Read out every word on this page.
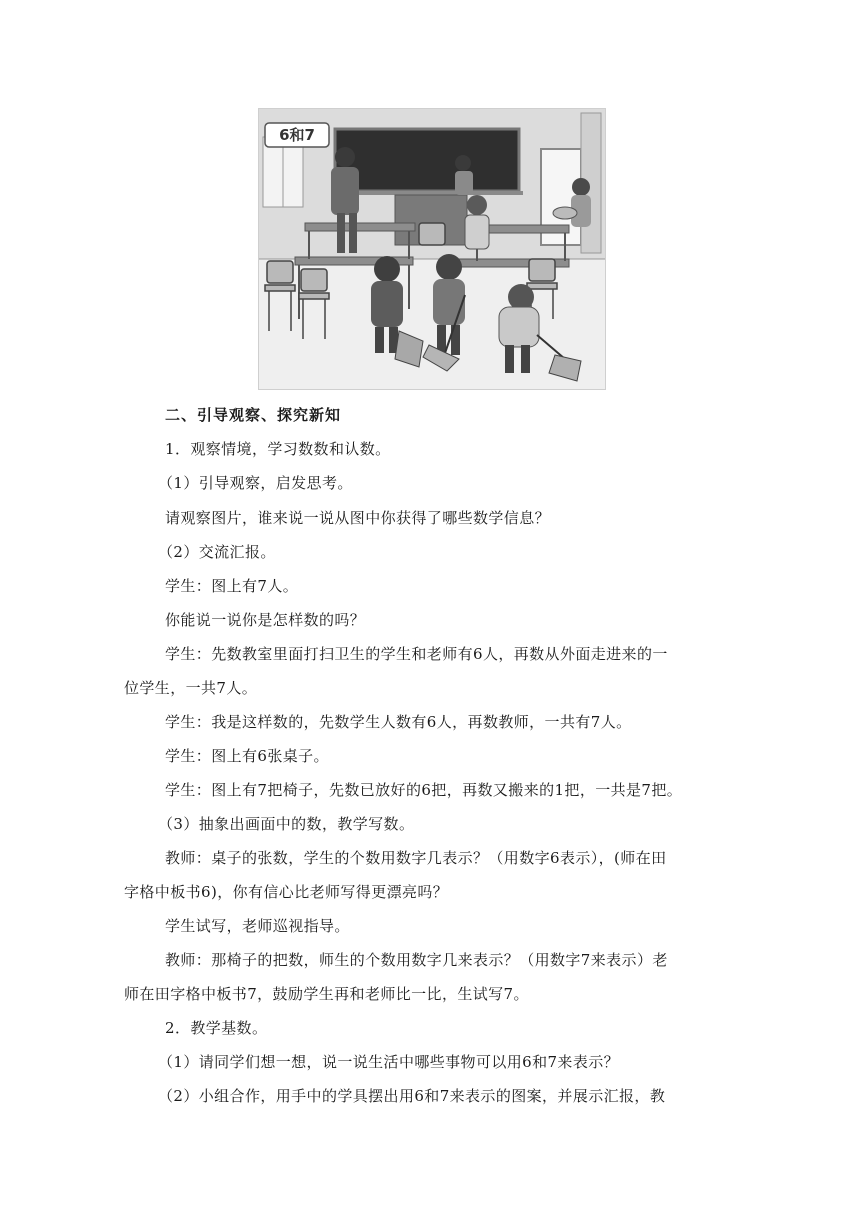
6和7
二、引导观察、探究新知
1．观察情境，学习数数和认数。
（1）引导观察，启发思考。
请观察图片，谁来说一说从图中你获得了哪些数学信息？
（2）交流汇报。
学生：图上有7人。
你能说一说你是怎样数的吗？
学生：先数教室里面打扫卫生的学生和老师有6人，再数从外面走进来的一
位学生，一共7人。
学生：我是这样数的，先数学生人数有6人，再数教师，一共有7人。
学生：图上有6张桌子。
学生：图上有7把椅子，先数已放好的6把，再数又搬来的1把，一共是7把。
（3）抽象出画面中的数，教学写数。
教师：桌子的张数，学生的个数用数字几表示？（用数字6表示），(师在田
字格中板书6)，你有信心比老师写得更漂亮吗？
学生试写，老师巡视指导。
教师：那椅子的把数，师生的个数用数字几来表示？（用数字7来表示）老
师在田字格中板书7，鼓励学生再和老师比一比，生试写7。
2．教学基数。
（1）请同学们想一想，说一说生活中哪些事物可以用6和7来表示？
（2）小组合作，用手中的学具摆出用6和7来表示的图案，并展示汇报，教
